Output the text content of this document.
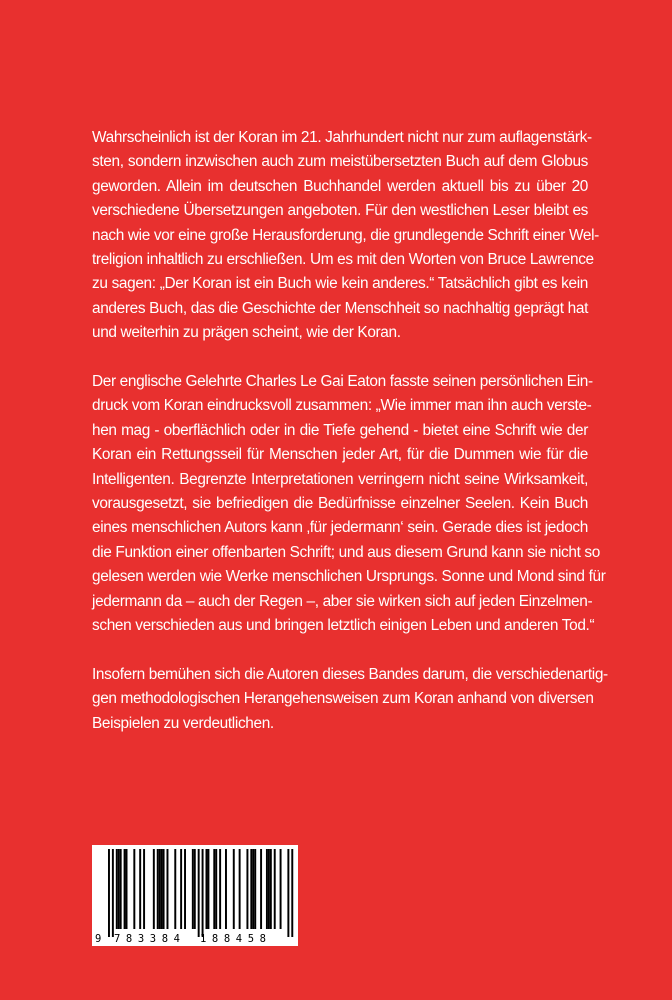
Wahrscheinlich ist der Koran im 21. Jahrhundert nicht nur zum auflagenstärk-
sten, sondern inzwischen auch zum meistübersetzten Buch auf dem Globus
geworden. Allein im deutschen Buchhandel werden aktuell bis zu über 20
verschiedene Übersetzungen angeboten. Für den westlichen Leser bleibt es
nach wie vor eine große Herausforderung, die grundlegende Schrift einer Wel-
treligion inhaltlich zu erschließen. Um es mit den Worten von Bruce Lawrence
zu sagen: „Der Koran ist ein Buch wie kein anderes.“ Tatsächlich gibt es kein
anderes Buch, das die Geschichte der Menschheit so nachhaltig geprägt hat
und weiterhin zu prägen scheint, wie der Koran.

Der englische Gelehrte Charles Le Gai Eaton fasste seinen persönlichen Ein-
druck vom Koran eindrucksvoll zusammen: „Wie immer man ihn auch verste-
hen mag - oberflächlich oder in die Tiefe gehend - bietet eine Schrift wie der
Koran ein Rettungsseil für Menschen jeder Art, für die Dummen wie für die
Intelligenten. Begrenzte Interpretationen verringern nicht seine Wirksamkeit,
vorausgesetzt, sie befriedigen die Bedürfnisse einzelner Seelen. Kein Buch
eines menschlichen Autors kann ‚für jedermann‘ sein. Gerade dies ist jedoch
die Funktion einer offenbarten Schrift; und aus diesem Grund kann sie nicht so
gelesen werden wie Werke menschlichen Ursprungs. Sonne und Mond sind für
jedermann da – auch der Regen –, aber sie wirken sich auf jeden Einzelmen-
schen verschieden aus und bringen letztlich einigen Leben und anderen Tod.“

Insofern bemühen sich die Autoren dieses Bandes darum, die verschiedenartig-
gen methodologischen Herangehensweisen zum Koran anhand von diversen
Beispielen zu verdeutlichen.

9 783384 188458
